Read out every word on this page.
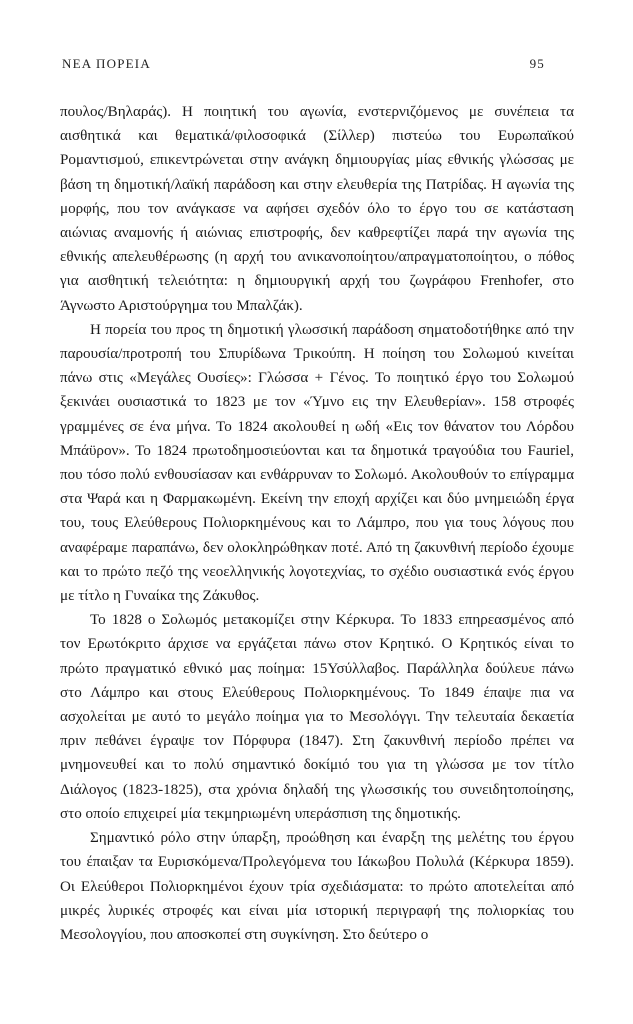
ΝΕΑ ΠΟΡΕΙΑ	95

πουλος/Βηλαράς). Η ποιητική του αγωνία, ενστερνιζόμενος με συνέπεια τα αισθητικά και θεματικά/φιλοσοφικά (Σίλλερ) πιστεύω του Ευρωπαϊκού Ρομαντισμού, επικεντρώνεται στην ανάγκη δημιουργίας μίας εθνικής γλώσσας με βάση τη δημοτική/λαϊκή παράδοση και στην ελευθερία της Πατρίδας. Η αγωνία της μορφής, που τον ανάγκασε να αφήσει σχεδόν όλο το έργο του σε κατάσταση αιώνιας αναμονής ή αιώνιας επιστροφής, δεν καθρεφτίζει παρά την αγωνία της εθνικής απελευθέρωσης (η αρχή του ανικανοποίητου/απραγματοποίητου, ο πόθος για αισθητική τελειότητα: η δημιουργική αρχή του ζωγράφου Frenhofer, στο Άγνωστο Αριστούργημα του Μπαλζάκ).

Η πορεία του προς τη δημοτική γλωσσική παράδοση σηματοδοτήθηκε από την παρουσία/προτροπή του Σπυρίδωνα Τρικούπη. Η ποίηση του Σολωμού κινείται πάνω στις «Μεγάλες Ουσίες»: Γλώσσα + Γένος. Το ποιητικό έργο του Σολωμού ξεκινάει ουσιαστικά το 1823 με τον «Ύμνο εις την Ελευθερίαν». 158 στροφές γραμμένες σε ένα μήνα. Το 1824 ακολουθεί η ωδή «Εις τον θάνατον του Λόρδου Μπάϋρον». Το 1824 πρωτοδημοσιεύονται και τα δημοτικά τραγούδια του Fauriel, που τόσο πολύ ενθουσίασαν και ενθάρρυναν το Σολωμό. Ακολουθούν το επίγραμμα στα Ψαρά και η Φαρμακωμένη. Εκείνη την εποχή αρχίζει και δύο μνημειώδη έργα του, τους Ελεύθερους Πολιορκημένους και το Λάμπρο, που για τους λόγους που αναφέραμε παραπάνω, δεν ολοκληρώθηκαν ποτέ. Από τη ζακυνθινή περίοδο έχουμε και το πρώτο πεζό της νεοελληνικής λογοτεχνίας, το σχέδιο ουσιαστικά ενός έργου με τίτλο η Γυναίκα της Ζάκυθος.

Το 1828 ο Σολωμός μετακομίζει στην Κέρκυρα. Το 1833 επηρεασμένος από τον Ερωτόκριτο άρχισε να εργάζεται πάνω στον Κρητικό. Ο Κρητικός είναι το πρώτο πραγματικό εθνικό μας ποίημα: 15Υσύλλαβος. Παράλληλα δούλευε πάνω στο Λάμπρο και στους Ελεύθερους Πολιορκημένους. Το 1849 έπαψε πια να ασχολείται με αυτό το μεγάλο ποίημα για το Μεσολόγγι. Την τελευταία δεκαετία πριν πεθάνει έγραψε τον Πόρφυρα (1847). Στη ζακυνθινή περίοδο πρέπει να μνημονευθεί και το πολύ σημαντικό δοκίμιό του για τη γλώσσα με τον τίτλο Διάλογος (1823-1825), στα χρόνια δηλαδή της γλωσσικής του συνειδητοποίησης, στο οποίο επιχειρεί μία τεκμηριωμένη υπεράσπιση της δημοτικής.

Σημαντικό ρόλο στην ύπαρξη, προώθηση και έναρξη της μελέτης του έργου του έπαιξαν τα Ευρισκόμενα/Προλεγόμενα του Ιάκωβου Πολυλά (Κέρκυρα 1859). Οι Ελεύθεροι Πολιορκημένοι έχουν τρία σχεδιάσματα: το πρώτο αποτελείται από μικρές λυρικές στροφές και είναι μία ιστορική περιγραφή της πολιορκίας του Μεσολογγίου, που αποσκοπεί στη συγκίνηση. Στο δεύτερο ο
